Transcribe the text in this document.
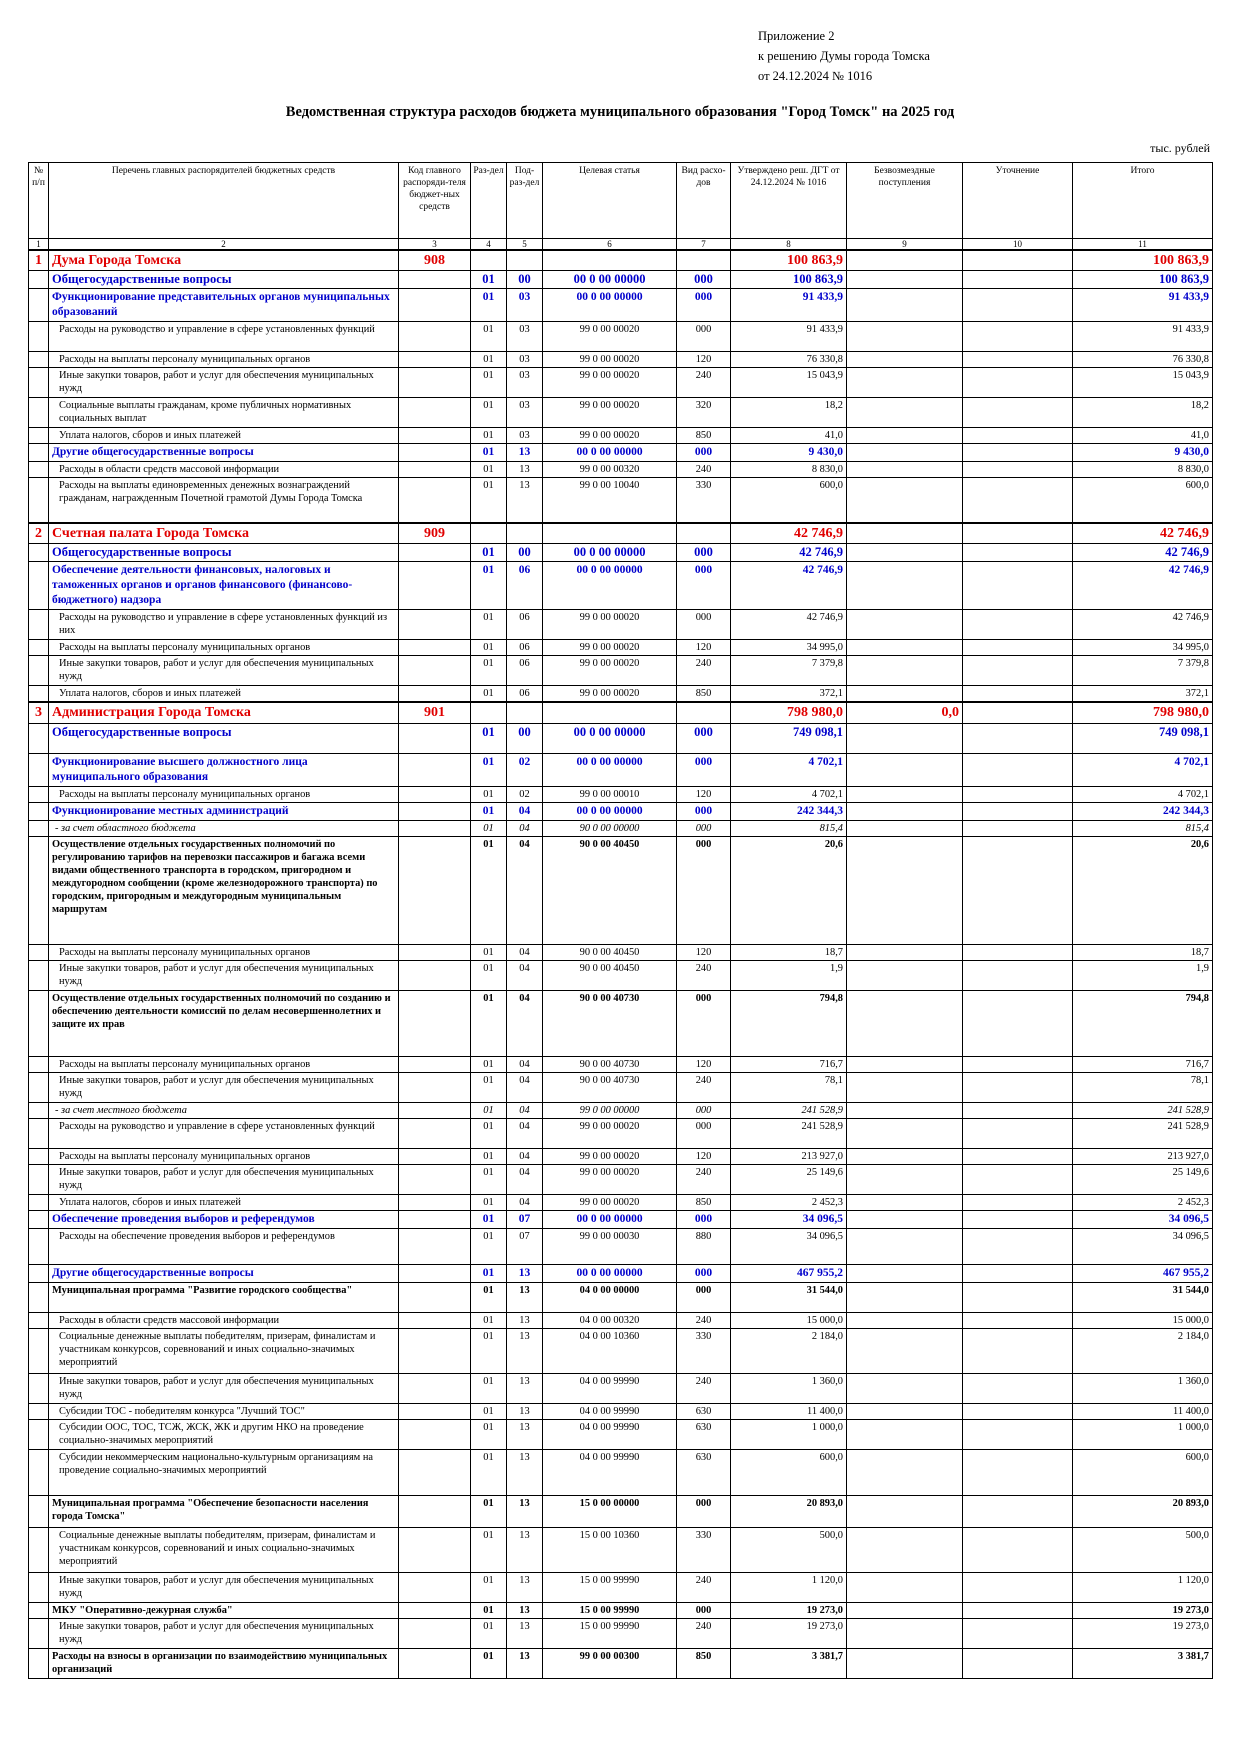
Приложение 2
к решению Думы города Томска
от 24.12.2024 № 1016
Ведомственная структура расходов бюджета муниципального образования "Город Томск" на 2025 год
тыс. рублей
№ п/п	Перечень главных распорядителей бюджетных средств	Код главного распоряди-теля бюджет-ных средств	Раз-дел	Под-раз-дел	Целевая статья	Вид расхо-дов	Утверждено реш. ДГТ от 24.12.2024 № 1016	Безвозмездные поступления	Уточнение	Итого
1	2	3	4	5	6	7	8	9	10	11
1	Дума Города Томска	908					100 863,9			100 863,9
	Общегосударственные вопросы		01	00	00 0 00 00000	000	100 863,9			100 863,9
	Функционирование представительных органов муниципальных образований		01	03	00 0 00 00000	000	91 433,9			91 433,9
	Расходы на руководство и управление в сфере установленных функций		01	03	99 0 00 00020	000	91 433,9			91 433,9
	Расходы на выплаты персоналу муниципальных органов		01	03	99 0 00 00020	120	76 330,8			76 330,8
	Иные закупки товаров, работ и услуг для обеспечения муниципальных нужд		01	03	99 0 00 00020	240	15 043,9			15 043,9
	Социальные выплаты гражданам, кроме публичных нормативных социальных выплат		01	03	99 0 00 00020	320	18,2			18,2
	Уплата налогов, сборов и иных платежей		01	03	99 0 00 00020	850	41,0			41,0
	Другие общегосударственные вопросы		01	13	00 0 00 00000	000	9 430,0			9 430,0
	Расходы в области средств массовой информации		01	13	99 0 00 00320	240	8 830,0			8 830,0
	Расходы на выплаты единовременных денежных вознаграждений гражданам, награжденным Почетной грамотой Думы Города Томска		01	13	99 0 00 10040	330	600,0			600,0
2	Счетная палата Города Томска	909					42 746,9			42 746,9
	Общегосударственные вопросы		01	00	00 0 00 00000	000	42 746,9			42 746,9
	Обеспечение деятельности финансовых, налоговых и таможенных органов и органов финансового (финансово-бюджетного) надзора		01	06	00 0 00 00000	000	42 746,9			42 746,9
	Расходы на руководство и управление в сфере установленных функций из них		01	06	99 0 00 00020	000	42 746,9			42 746,9
	Расходы на выплаты персоналу муниципальных органов		01	06	99 0 00 00020	120	34 995,0			34 995,0
	Иные закупки товаров, работ и услуг для обеспечения муниципальных нужд		01	06	99 0 00 00020	240	7 379,8			7 379,8
	Уплата налогов, сборов и иных платежей		01	06	99 0 00 00020	850	372,1			372,1
3	Администрация Города Томска	901					798 980,0	0,0		798 980,0
	Общегосударственные вопросы		01	00	00 0 00 00000	000	749 098,1			749 098,1
	Функционирование высшего должностного лица муниципального образования		01	02	00 0 00 00000	000	4 702,1			4 702,1
	Расходы на выплаты персоналу муниципальных органов		01	02	99 0 00 00010	120	4 702,1			4 702,1
	Функционирование местных администраций		01	04	00 0 00 00000	000	242 344,3			242 344,3
	- за счет областного бюджета		01	04	90 0 00 00000	000	815,4			815,4
	Осуществление отдельных государственных полномочий по регулированию тарифов на перевозки пассажиров и багажа всеми видами общественного транспорта в городском, пригородном и междугородном сообщении (кроме железнодорожного транспорта) по городским, пригородным и междугородным муниципальным маршрутам		01	04	90 0 00 40450	000	20,6			20,6
	Расходы на выплаты персоналу муниципальных органов		01	04	90 0 00 40450	120	18,7			18,7
	Иные закупки товаров, работ и услуг для обеспечения муниципальных нужд		01	04	90 0 00 40450	240	1,9			1,9
	Осуществление отдельных государственных полномочий по созданию и обеспечению деятельности комиссий по делам несовершеннолетних и защите их прав		01	04	90 0 00 40730	000	794,8			794,8
	Расходы на выплаты персоналу муниципальных органов		01	04	90 0 00 40730	120	716,7			716,7
	Иные закупки товаров, работ и услуг для обеспечения муниципальных нужд		01	04	90 0 00 40730	240	78,1			78,1
	- за счет местного бюджета		01	04	99 0 00 00000	000	241 528,9			241 528,9
	Расходы на руководство и управление в сфере установленных функций		01	04	99 0 00 00020	000	241 528,9			241 528,9
	Расходы на выплаты персоналу муниципальных органов		01	04	99 0 00 00020	120	213 927,0			213 927,0
	Иные закупки товаров, работ и услуг для обеспечения муниципальных нужд		01	04	99 0 00 00020	240	25 149,6			25 149,6
	Уплата налогов, сборов и иных платежей		01	04	99 0 00 00020	850	2 452,3			2 452,3
	Обеспечение проведения выборов и референдумов		01	07	00 0 00 00000	000	34 096,5			34 096,5
	Расходы на обеспечение проведения выборов и референдумов		01	07	99 0 00 00030	880	34 096,5			34 096,5
	Другие общегосударственные вопросы		01	13	00 0 00 00000	000	467 955,2			467 955,2
	Муниципальная программа "Развитие городского сообщества"		01	13	04 0 00 00000	000	31 544,0			31 544,0
	Расходы в области средств массовой информации		01	13	04 0 00 00320	240	15 000,0			15 000,0
	Социальные денежные выплаты победителям, призерам, финалистам и участникам конкурсов, соревнований и иных социально-значимых мероприятий		01	13	04 0 00 10360	330	2 184,0			2 184,0
	Иные закупки товаров, работ и услуг для обеспечения муниципальных нужд		01	13	04 0 00 99990	240	1 360,0			1 360,0
	Субсидии ТОС - победителям конкурса "Лучший ТОС"		01	13	04 0 00 99990	630	11 400,0			11 400,0
	Субсидии ООС, ТОС, ТСЖ, ЖСК, ЖК и другим НКО на проведение социально-значимых мероприятий		01	13	04 0 00 99990	630	1 000,0			1 000,0
	Субсидии некоммерческим национально-культурным организациям на проведение социально-значимых мероприятий		01	13	04 0 00 99990	630	600,0			600,0
	Муниципальная программа "Обеспечение безопасности населения города Томска"		01	13	15 0 00 00000	000	20 893,0			20 893,0
	Социальные денежные выплаты победителям, призерам, финалистам и участникам конкурсов, соревнований и иных социально-значимых мероприятий		01	13	15 0 00 10360	330	500,0			500,0
	Иные закупки товаров, работ и услуг для обеспечения муниципальных нужд		01	13	15 0 00 99990	240	1 120,0			1 120,0
	МКУ "Оперативно-дежурная служба"		01	13	15 0 00 99990	000	19 273,0			19 273,0
	Иные закупки товаров, работ и услуг для обеспечения муниципальных нужд		01	13	15 0 00 99990	240	19 273,0			19 273,0
	Расходы на взносы в организации по взаимодействию муниципальных организаций		01	13	99 0 00 00300	850	3 381,7			3 381,7
